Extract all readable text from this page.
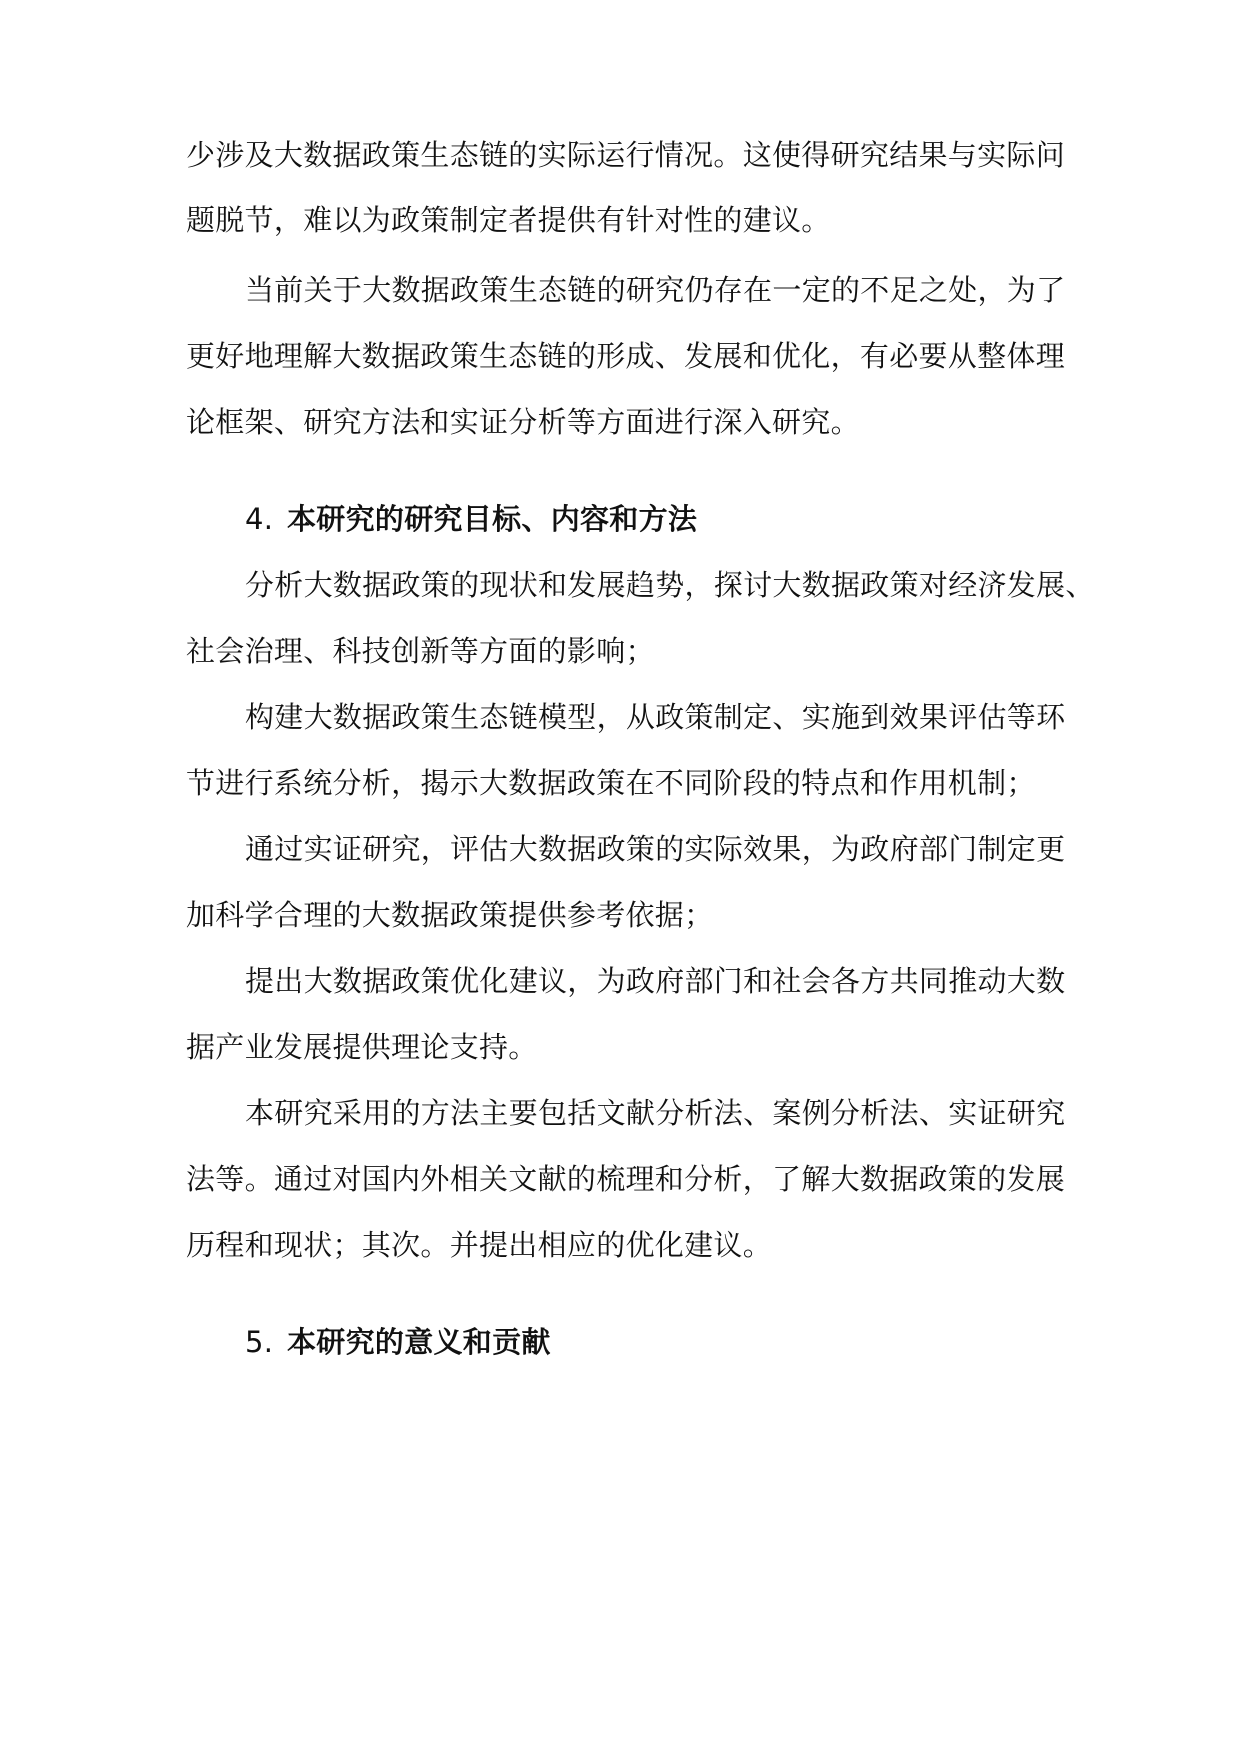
少涉及大数据政策生态链的实际运行情况。这使得研究结果与实际问
题脱节，难以为政策制定者提供有针对性的建议。
当前关于大数据政策生态链的研究仍存在一定的不足之处，为了
更好地理解大数据政策生态链的形成、发展和优化，有必要从整体理
论框架、研究方法和实证分析等方面进行深入研究。
4. 本研究的研究目标、内容和方法
分析大数据政策的现状和发展趋势，探讨大数据政策对经济发展、
社会治理、科技创新等方面的影响；
构建大数据政策生态链模型，从政策制定、实施到效果评估等环
节进行系统分析，揭示大数据政策在不同阶段的特点和作用机制；
通过实证研究，评估大数据政策的实际效果，为政府部门制定更
加科学合理的大数据政策提供参考依据；
提出大数据政策优化建议，为政府部门和社会各方共同推动大数
据产业发展提供理论支持。
本研究采用的方法主要包括文献分析法、案例分析法、实证研究
法等。通过对国内外相关文献的梳理和分析，了解大数据政策的发展
历程和现状；其次。并提出相应的优化建议。
5. 本研究的意义和贡献
